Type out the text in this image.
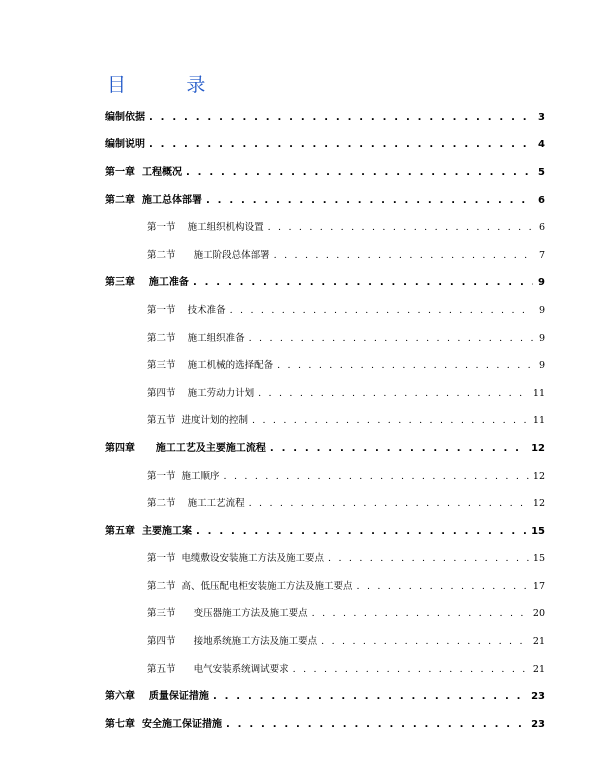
目          录
编制依据 . . .	3
编制说明 . . .	4
第一章  工程概况 . . .	5
第二章  施工总体部署 . . .	6
第一节    施工组织机构设置 . . .	6
第二节      施工阶段总体部署 . . .	7
第三章    施工准备 . . .	9
第一节    技术准备 . . .	9
第二节    施工组织准备 . . .	9
第三节    施工机械的选择配备 . . .	9
第四节    施工劳动力计划 . . .	11
第五节  进度计划的控制 . . .	11
第四章      施工工艺及主要施工流程 . . .	12
第一节  施工顺序 . . .	12
第二节    施工工艺流程 . . .	12
第五章  主要施工案 . . .	15
第一节  电缆敷设安装施工方法及施工要点 . . .	15
第二节  高、低压配电柜安装施工方法及施工要点 . . .	17
第三节      变压器施工方法及施工要点 . . .	20
第四节      接地系统施工方法及施工要点 . . .	21
第五节      电气安装系统调试要求 . . .	21
第六章    质量保证措施 . . .	23
第七章  安全施工保证措施 . . .	23
